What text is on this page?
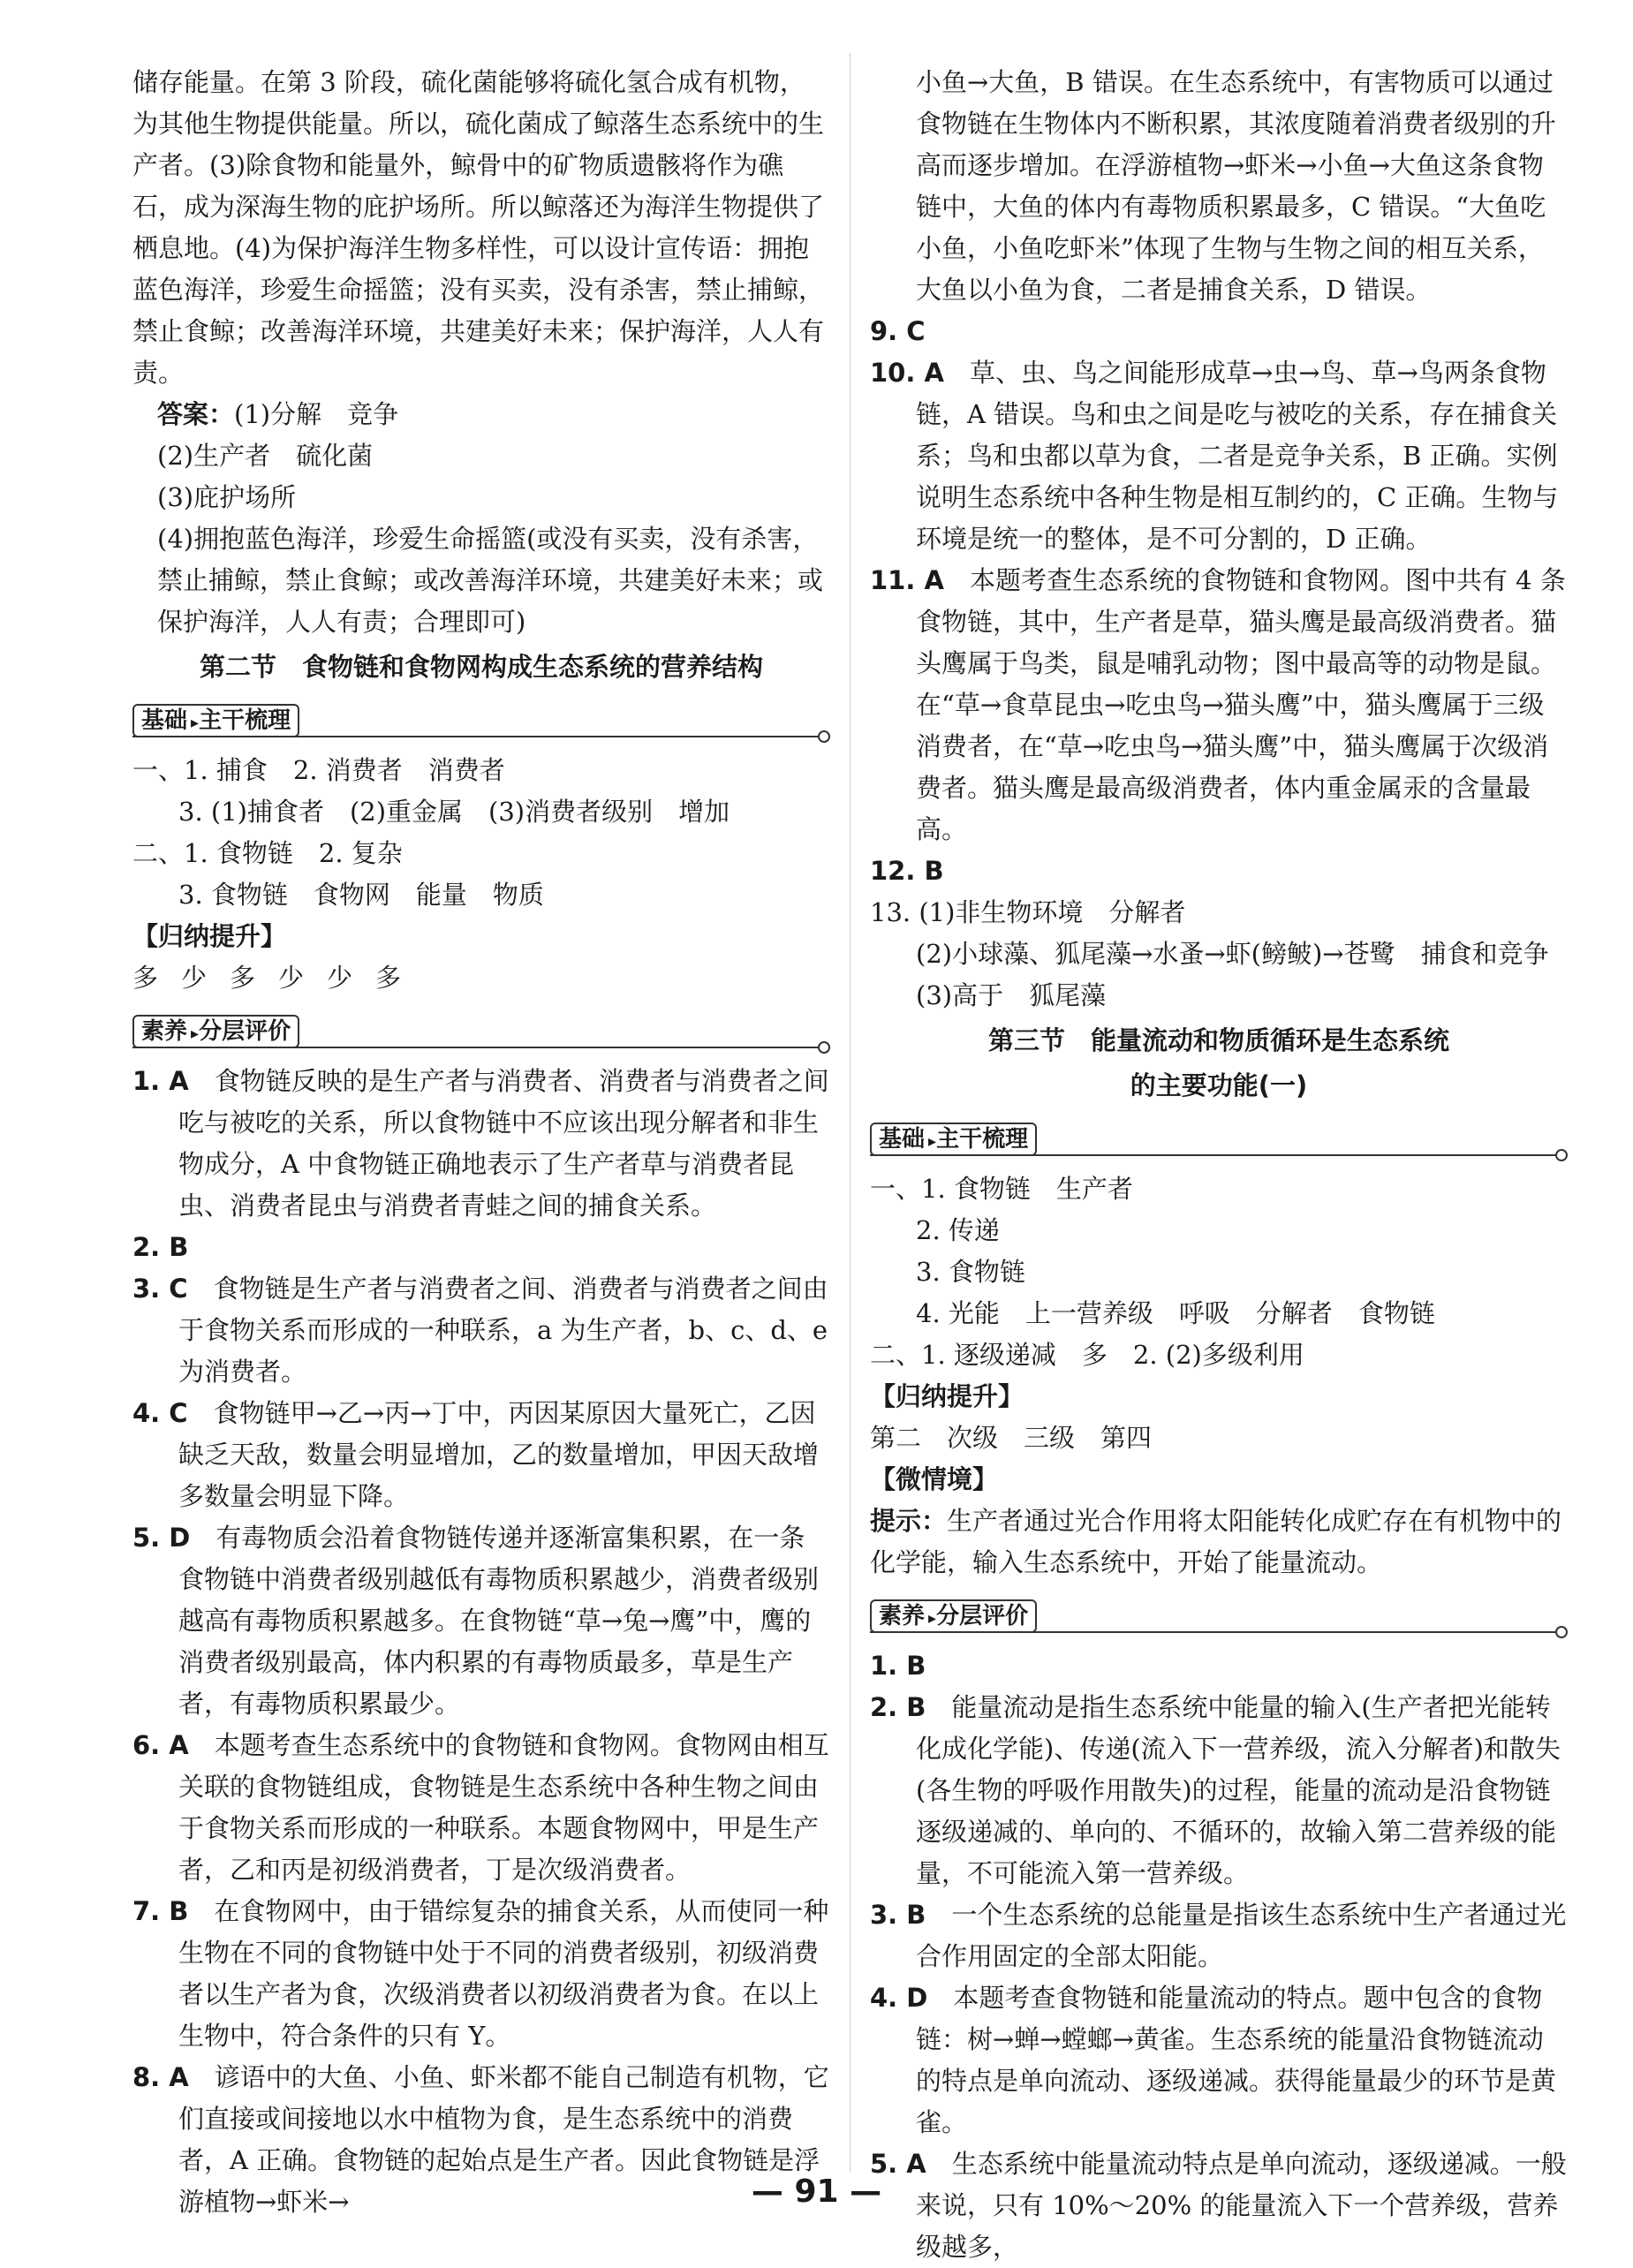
储存能量。在第 3 阶段，硫化菌能够将硫化氢合成有机物，为其他生物提供能量。所以，硫化菌成了鲸落生态系统中的生产者。(3)除食物和能量外，鲸骨中的矿物质遗骸将作为礁石，成为深海生物的庇护场所。所以鲸落还为海洋生物提供了栖息地。(4)为保护海洋生物多样性，可以设计宣传语：拥抱蓝色海洋，珍爱生命摇篮；没有买卖，没有杀害，禁止捕鲸，禁止食鲸；改善海洋环境，共建美好未来；保护海洋，人人有责。

答案：(1)分解　竞争

(2)生产者　硫化菌

(3)庇护场所

(4)拥抱蓝色海洋，珍爱生命摇篮(或没有买卖，没有杀害，禁止捕鲸，禁止食鲸；或改善海洋环境，共建美好未来；或保护海洋，人人有责；合理即可)

第二节　食物链和食物网构成生态系统的营养结构

基础 ▸主干梳理

一、1. 捕食　2. 消费者　消费者

3. (1)捕食者　(2)重金属　(3)消费者级别　增加

二、1. 食物链　2. 复杂

3. 食物链　食物网　能量　物质

【归纳提升】

多少多少少多

素养 ▸分层评价

1. A　 食物链反映的是生产者与消费者、消费者与消费者之间吃与被吃的关系，所以食物链中不应该出现分解者和非生物成分，A 中食物链正确地表示了生产者草与消费者昆虫、消费者昆虫与消费者青蛙之间的捕食关系。

2. B

3. C　 食物链是生产者与消费者之间、消费者与消费者之间由于食物关系而形成的一种联系，a 为生产者，b、c、d、e 为消费者。

4. C　 食物链甲→乙→丙→丁中，丙因某原因大量死亡，乙因缺乏天敌，数量会明显增加，乙的数量增加，甲因天敌增多数量会明显下降。

5. D　 有毒物质会沿着食物链传递并逐渐富集积累，在一条食物链中消费者级别越低有毒物质积累越少，消费者级别越高有毒物质积累越多。在食物链“草→兔→鹰”中，鹰的消费者级别最高，体内积累的有毒物质最多，草是生产者，有毒物质积累最少。

6. A　 本题考查生态系统中的食物链和食物网。食物网由相互关联的食物链组成，食物链是生态系统中各种生物之间由于食物关系而形成的一种联系。本题食物网中，甲是生产者，乙和丙是初级消费者，丁是次级消费者。

7. B　 在食物网中，由于错综复杂的捕食关系，从而使同一种生物在不同的食物链中处于不同的消费者级别，初级消费者以生产者为食，次级消费者以初级消费者为食。在以上生物中，符合条件的只有 Y。

8. A　 谚语中的大鱼、小鱼、虾米都不能自己制造有机物，它们直接或间接地以水中植物为食，是生态系统中的消费者，A 正确。食物链的起始点是生产者。因此食物链是浮游植物→虾米→

小鱼→大鱼，B 错误。在生态系统中，有害物质可以通过食物链在生物体内不断积累，其浓度随着消费者级别的升高而逐步增加。在浮游植物→虾米→小鱼→大鱼这条食物链中，大鱼的体内有毒物质积累最多，C 错误。“大鱼吃小鱼，小鱼吃虾米”体现了生物与生物之间的相互关系，大鱼以小鱼为食，二者是捕食关系，D 错误。

9. C

10. A　 草、虫、鸟之间能形成草→虫→鸟、草→鸟两条食物链，A 错误。鸟和虫之间是吃与被吃的关系，存在捕食关系；鸟和虫都以草为食，二者是竞争关系，B 正确。实例说明生态系统中各种生物是相互制约的，C 正确。生物与环境是统一的整体，是不可分割的，D 正确。

11. A　 本题考查生态系统的食物链和食物网。图中共有 4 条食物链，其中，生产者是草，猫头鹰是最高级消费者。猫头鹰属于鸟类，鼠是哺乳动物；图中最高等的动物是鼠。在“草→食草昆虫→吃虫鸟→猫头鹰”中，猫头鹰属于三级消费者，在“草→吃虫鸟→猫头鹰”中，猫头鹰属于次级消费者。猫头鹰是最高级消费者，体内重金属汞的含量最高。

12. B

13. (1)非生物环境　分解者

(2)小球藻、狐尾藻→水蚤→虾(鳑鲏)→苍鹭　捕食和竞争

(3)高于　狐尾藻

第三节　能量流动和物质循环是生态系统

的主要功能(一)

基础 ▸主干梳理

一、1. 食物链　生产者

2. 传递

3. 食物链

4. 光能　上一营养级　呼吸　分解者　食物链

二、1. 逐级递减　多　2. (2)多级利用

【归纳提升】

第二　次级　三级　第四

【微情境】

提示：生产者通过光合作用将太阳能转化成贮存在有机物中的化学能，输入生态系统中，开始了能量流动。

素养 ▸分层评价

1. B

2. B　 能量流动是指生态系统中能量的输入(生产者把光能转化成化学能)、传递(流入下一营养级，流入分解者)和散失(各生物的呼吸作用散失)的过程，能量的流动是沿食物链逐级递减的、单向的、不循环的，故输入第二营养级的能量，不可能流入第一营养级。

3. B　 一个生态系统的总能量是指该生态系统中生产者通过光合作用固定的全部太阳能。

4. D　 本题考查食物链和能量流动的特点。题中包含的食物链：树→蝉→螳螂→黄雀。生态系统的能量沿食物链流动的特点是单向流动、逐级递减。获得能量最少的环节是黄雀。

5. A　 生态系统中能量流动特点是单向流动，逐级递减。一般来说，只有 10%～20% 的能量流入下一个营养级，营养级越多，

— 91 —
